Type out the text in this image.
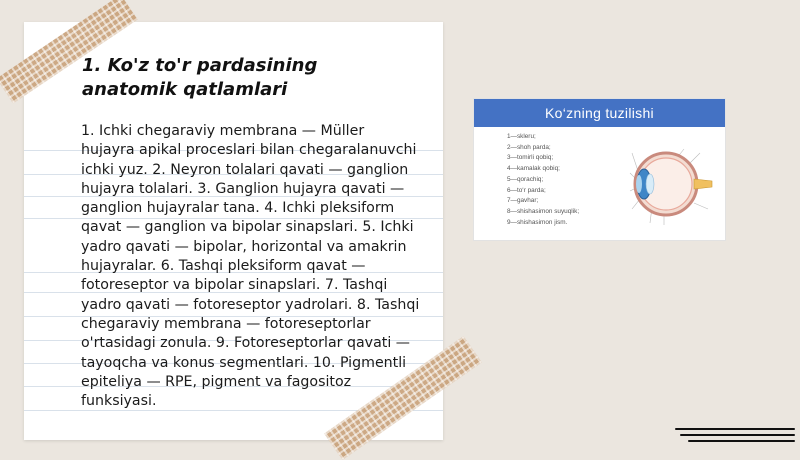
1. Ko'z to'r pardasining anatomik qatlamlari

1. Ichki chegaraviy membrana — Müller hujayra apikal proceslari bilan chegaralanuvchi ichki yuz. 2. Neyron tolalari qavati — ganglion hujayra tolalari. 3. Ganglion hujayra qavati — ganglion hujayralar tana. 4. Ichki pleksiform qavat — ganglion va bipolar sinapslari. 5. Ichki yadro qavati — bipolar, horizontal va amakrin hujayralar. 6. Tashqi pleksiform qavat — fotoreseptor va bipolar sinapslari. 7. Tashqi yadro qavati — fotoreseptor yadrolari. 8. Tashqi chegaraviy membrana — fotoreseptorlar o'rtasidagi zonula. 9. Fotoreseptorlar qavati — tayoqcha va konus segmentlari. 10. Pigmentli epiteliya — RPE, pigment va fagositoz funksiyasi.

Ko‘zning tuzilishi
1—skleru;
2—shoh parda;
3—tomirli qobiq;
4—kamalak qobiq;
5—qorachiq;
6—to‘r parda;
7—gavhar;
8—shishasimon suyuqlik;
9—shishasimon jism.
